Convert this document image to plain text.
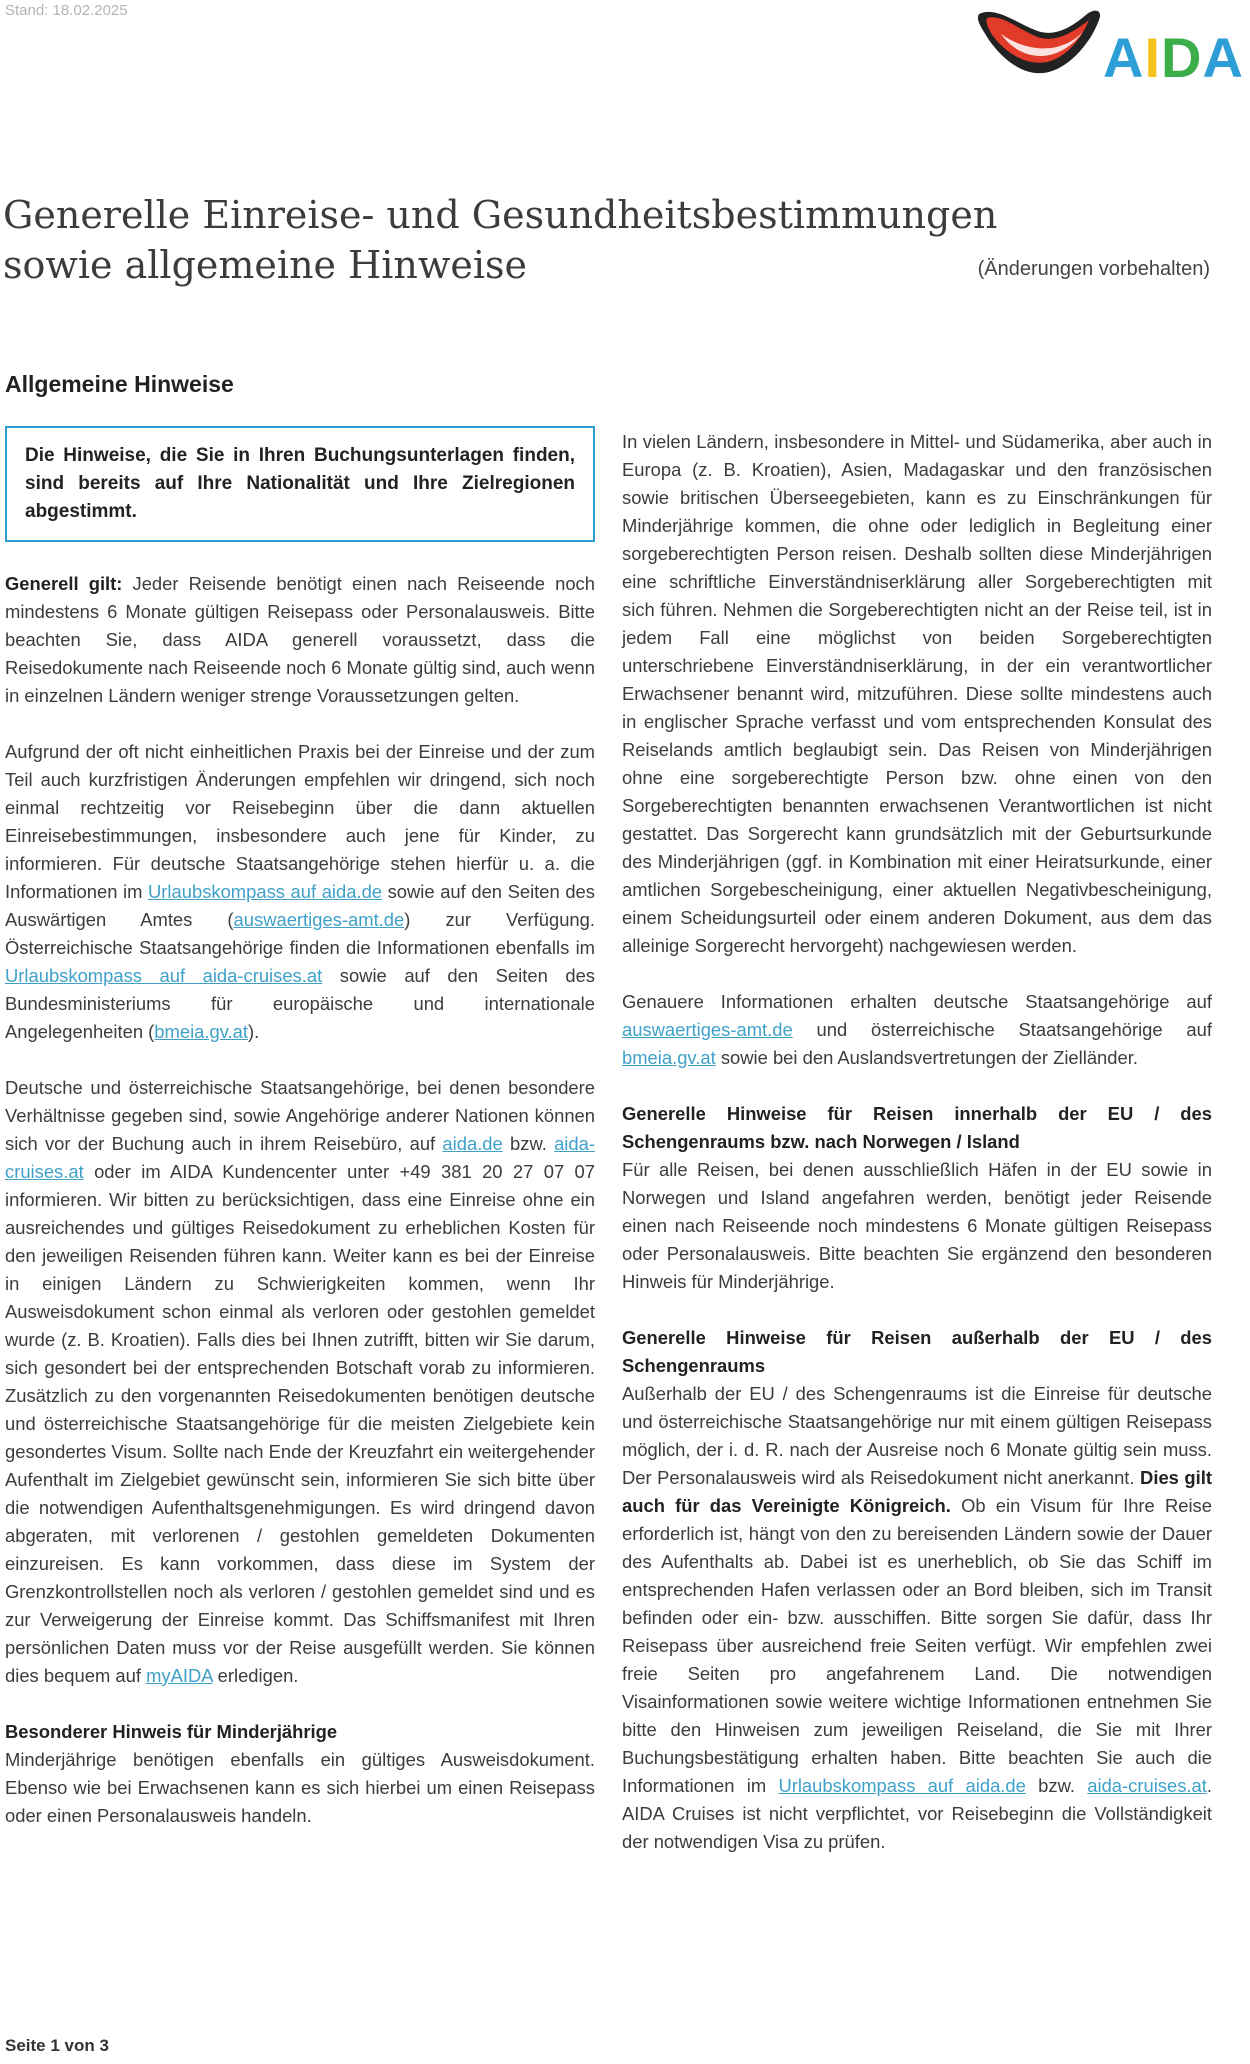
Stand: 18.02.2025
AIDA
Generelle Einreise- und Gesundheitsbestimmungen
sowie allgemeine Hinweise	(Änderungen vorbehalten)
Allgemeine Hinweise
Die Hinweise, die Sie in Ihren Buchungsunterlagen finden, sind bereits auf Ihre Nationalität und Ihre Zielregionen abgestimmt.

Generell gilt: Jeder Reisende benötigt einen nach Reiseende noch mindestens 6 Monate gültigen Reisepass oder Personalausweis. Bitte beachten Sie, dass AIDA generell voraussetzt, dass die Reisedokumente nach Reiseende noch 6 Monate gültig sind, auch wenn in einzelnen Ländern weniger strenge Voraussetzungen gelten.

Aufgrund der oft nicht einheitlichen Praxis bei der Einreise und der zum Teil auch kurzfristigen Änderungen empfehlen wir dringend, sich noch einmal rechtzeitig vor Reisebeginn über die dann aktuellen Einreisebestimmungen, insbesondere auch jene für Kinder, zu informieren. Für deutsche Staatsangehörige stehen hierfür u. a. die Informationen im Urlaubskompass auf aida.de sowie auf den Seiten des Auswärtigen Amtes (auswaertiges-amt.de) zur Verfügung. Österreichische Staatsangehörige finden die Informationen ebenfalls im Urlaubskompass auf aida-cruises.at sowie auf den Seiten des Bundesministeriums für europäische und internationale Angelegenheiten (bmeia.gv.at).

Deutsche und österreichische Staatsangehörige, bei denen besondere Verhältnisse gegeben sind, sowie Angehörige anderer Nationen können sich vor der Buchung auch in ihrem Reisebüro, auf aida.de bzw. aida-cruises.at oder im AIDA Kundencenter unter +49 381 20 27 07 07 informieren. Wir bitten zu berücksichtigen, dass eine Einreise ohne ein ausreichendes und gültiges Reisedokument zu erheblichen Kosten für den jeweiligen Reisenden führen kann. Weiter kann es bei der Einreise in einigen Ländern zu Schwierigkeiten kommen, wenn Ihr Ausweisdokument schon einmal als verloren oder gestohlen gemeldet wurde (z. B. Kroatien). Falls dies bei Ihnen zutrifft, bitten wir Sie darum, sich gesondert bei der entsprechenden Botschaft vorab zu informieren. Zusätzlich zu den vorgenannten Reisedokumenten benötigen deutsche und österreichische Staatsangehörige für die meisten Zielgebiete kein gesondertes Visum. Sollte nach Ende der Kreuzfahrt ein weitergehender Aufenthalt im Zielgebiet gewünscht sein, informieren Sie sich bitte über die notwendigen Aufenthaltsgenehmigungen. Es wird dringend davon abgeraten, mit verlorenen / gestohlen gemeldeten Dokumenten einzureisen. Es kann vorkommen, dass diese im System der Grenzkontrollstellen noch als verloren / gestohlen gemeldet sind und es zur Verweigerung der Einreise kommt. Das Schiffsmanifest mit Ihren persönlichen Daten muss vor der Reise ausgefüllt werden. Sie können dies bequem auf myAIDA erledigen.

Besonderer Hinweis für Minderjährige
Minderjährige benötigen ebenfalls ein gültiges Ausweisdokument. Ebenso wie bei Erwachsenen kann es sich hierbei um einen Reisepass oder einen Personalausweis handeln.

In vielen Ländern, insbesondere in Mittel- und Südamerika, aber auch in Europa (z. B. Kroatien), Asien, Madagaskar und den französischen sowie britischen Überseegebieten, kann es zu Einschränkungen für Minderjährige kommen, die ohne oder lediglich in Begleitung einer sorgeberechtigten Person reisen. Deshalb sollten diese Minderjährigen eine schriftliche Einverständniserklärung aller Sorgeberechtigten mit sich führen. Nehmen die Sorgeberechtigten nicht an der Reise teil, ist in jedem Fall eine möglichst von beiden Sorgeberechtigten unterschriebene Einverständniserklärung, in der ein verantwortlicher Erwachsener benannt wird, mitzuführen. Diese sollte mindestens auch in englischer Sprache verfasst und vom entsprechenden Konsulat des Reiselands amtlich beglaubigt sein. Das Reisen von Minderjährigen ohne eine sorgeberechtigte Person bzw. ohne einen von den Sorgeberechtigten benannten erwachsenen Verantwortlichen ist nicht gestattet. Das Sorgerecht kann grundsätzlich mit der Geburtsurkunde des Minderjährigen (ggf. in Kombination mit einer Heiratsurkunde, einer amtlichen Sorgebescheinigung, einer aktuellen Negativbescheinigung, einem Scheidungsurteil oder einem anderen Dokument, aus dem das alleinige Sorgerecht hervorgeht) nachgewiesen werden.

Genauere Informationen erhalten deutsche Staatsangehörige auf auswaertiges-amt.de und österreichische Staatsangehörige auf bmeia.gv.at sowie bei den Auslandsvertretungen der Zielländer.

Generelle Hinweise für Reisen innerhalb der EU / des Schengenraums bzw. nach Norwegen / Island
Für alle Reisen, bei denen ausschließlich Häfen in der EU sowie in Norwegen und Island angefahren werden, benötigt jeder Reisende einen nach Reiseende noch mindestens 6 Monate gültigen Reisepass oder Personalausweis. Bitte beachten Sie ergänzend den besonderen Hinweis für Minderjährige.

Generelle Hinweise für Reisen außerhalb der EU / des Schengenraums
Außerhalb der EU / des Schengenraums ist die Einreise für deutsche und österreichische Staatsangehörige nur mit einem gültigen Reisepass möglich, der i. d. R. nach der Ausreise noch 6 Monate gültig sein muss. Der Personalausweis wird als Reisedokument nicht anerkannt. Dies gilt auch für das Vereinigte Königreich. Ob ein Visum für Ihre Reise erforderlich ist, hängt von den zu bereisenden Ländern sowie der Dauer des Aufenthalts ab. Dabei ist es unerheblich, ob Sie das Schiff im entsprechenden Hafen verlassen oder an Bord bleiben, sich im Transit befinden oder ein- bzw. ausschiffen. Bitte sorgen Sie dafür, dass Ihr Reisepass über ausreichend freie Seiten verfügt. Wir empfehlen zwei freie Seiten pro angefahrenem Land. Die notwendigen Visainformationen sowie weitere wichtige Informationen entnehmen Sie bitte den Hinweisen zum jeweiligen Reiseland, die Sie mit Ihrer Buchungsbestätigung erhalten haben. Bitte beachten Sie auch die Informationen im Urlaubskompass auf aida.de bzw. aida-cruises.at. AIDA Cruises ist nicht verpflichtet, vor Reisebeginn die Vollständigkeit der notwendigen Visa zu prüfen.

Seite 1 von 3
